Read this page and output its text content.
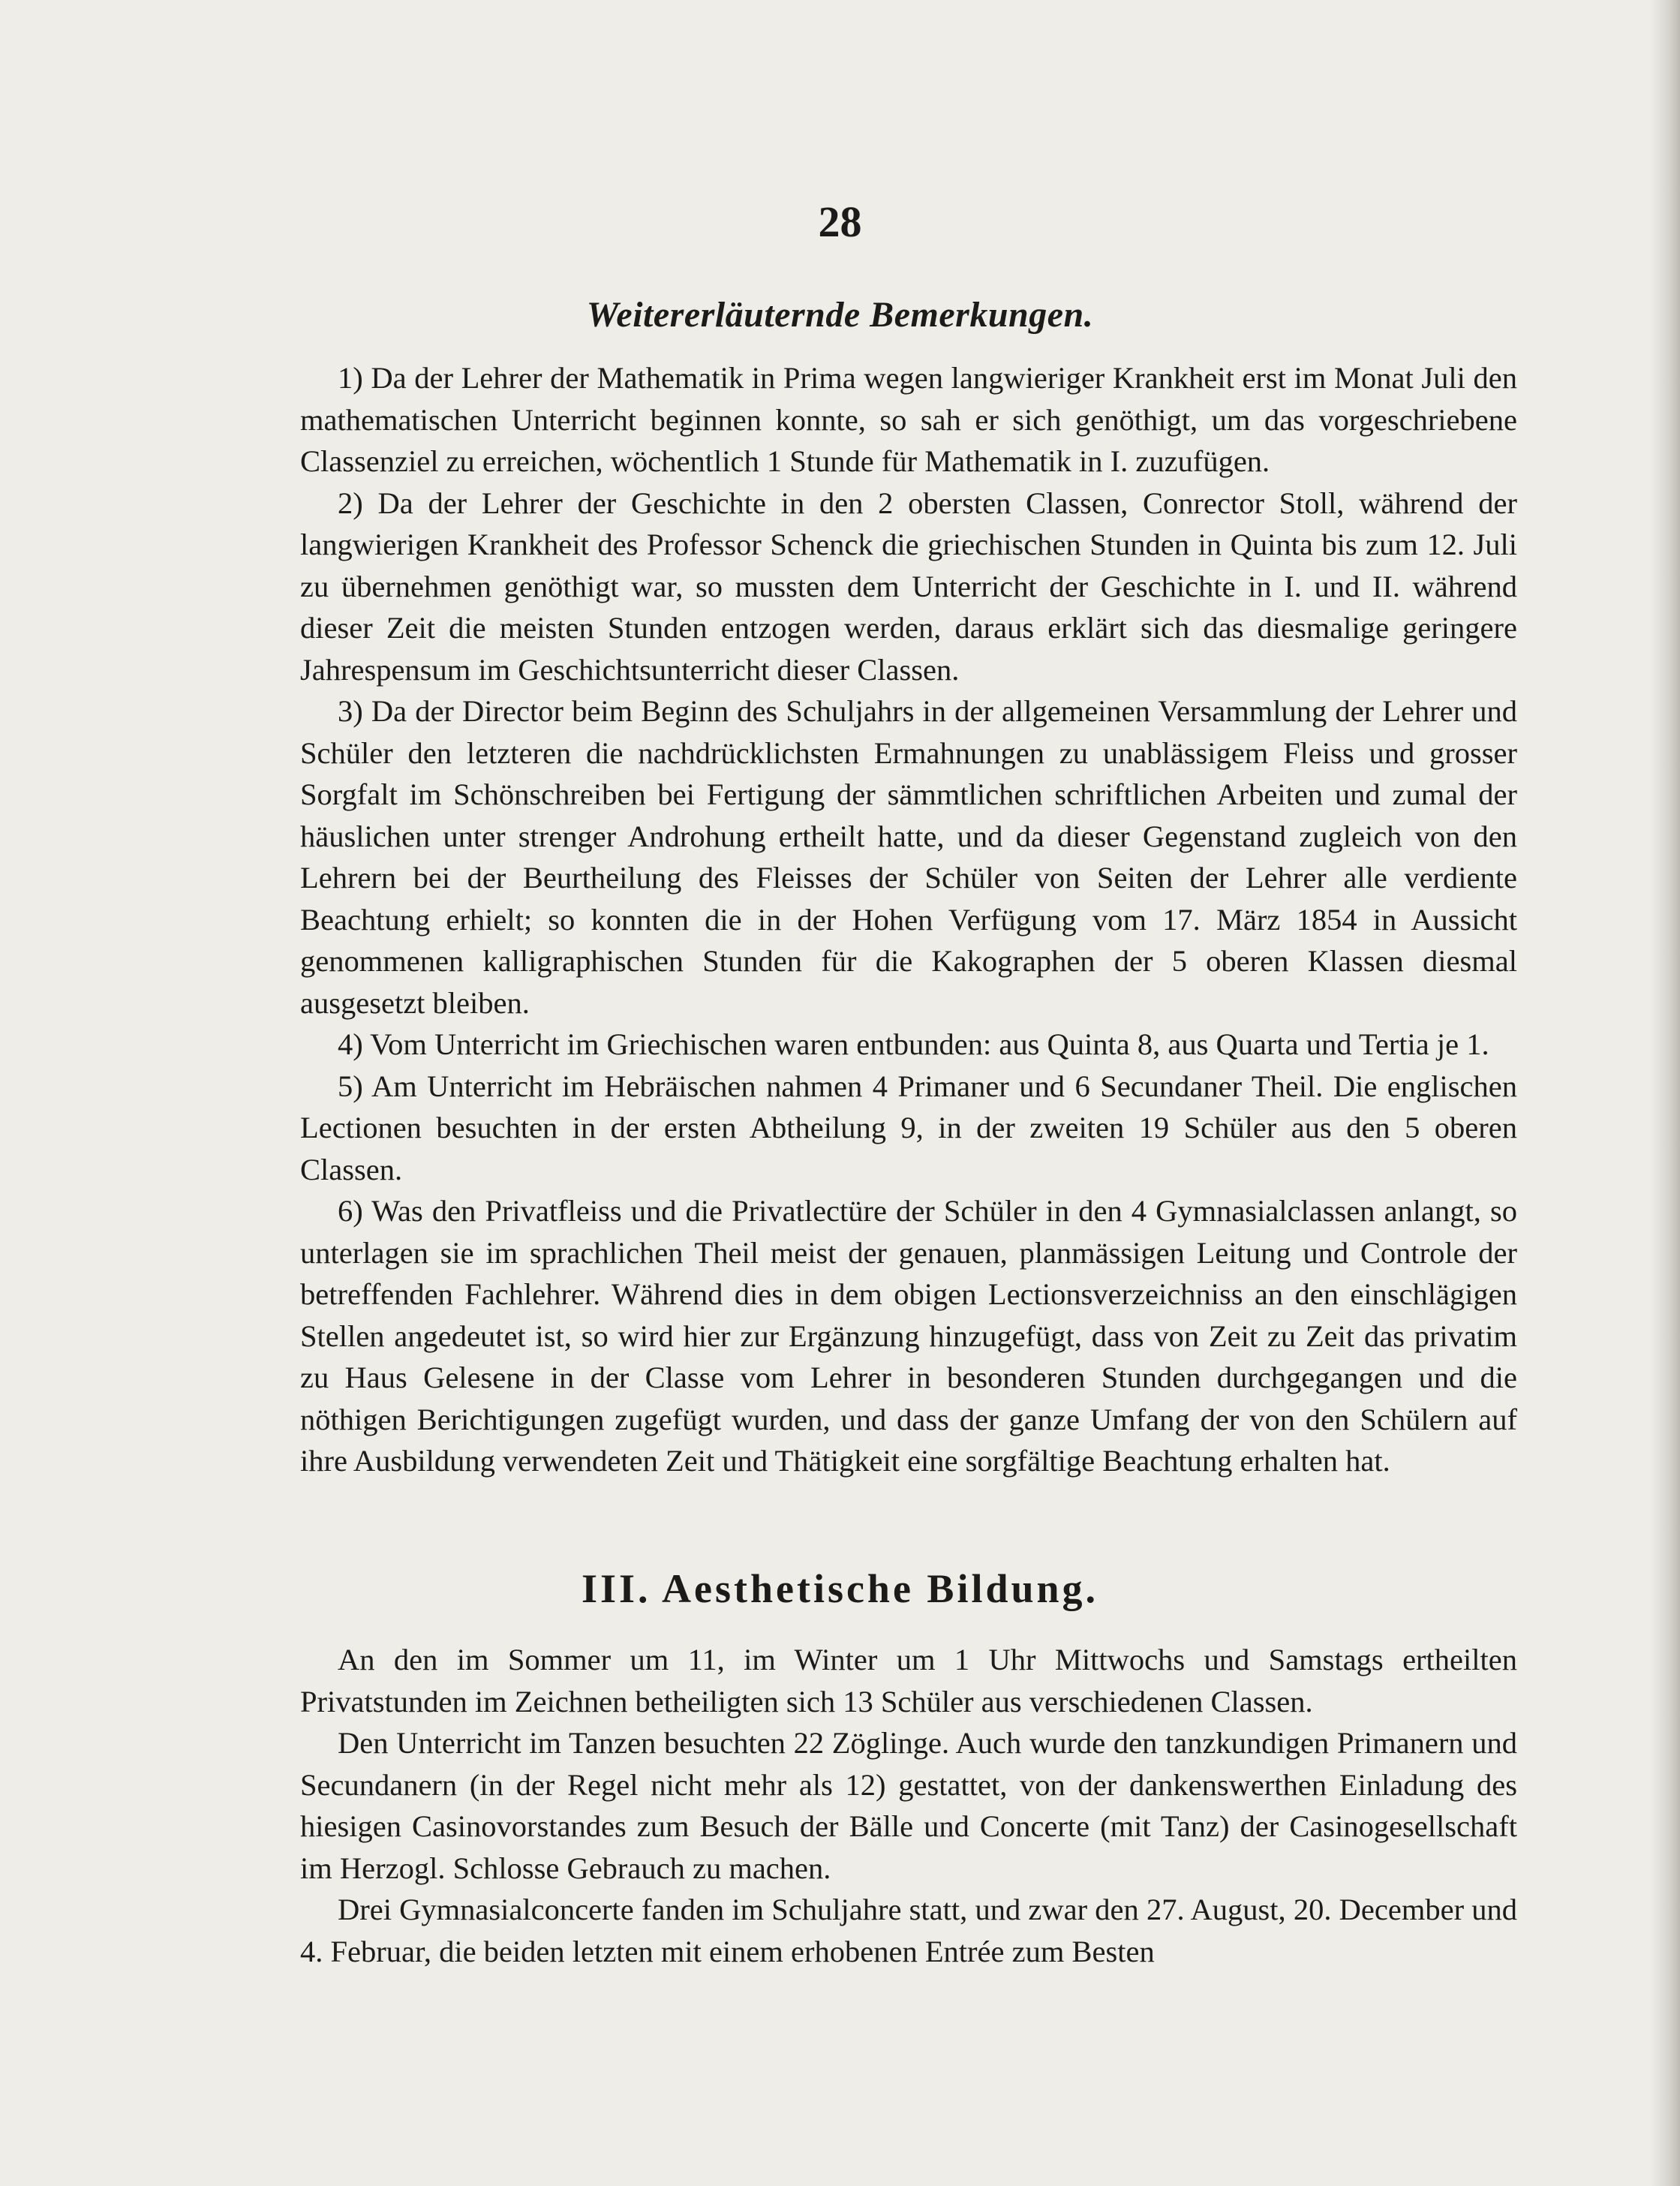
28
Weitererläuternde Bemerkungen.

1) Da der Lehrer der Mathematik in Prima wegen langwieriger Krankheit erst im Monat Juli den mathematischen Unterricht beginnen konnte, so sah er sich genöthigt, um das vorgeschriebene Classenziel zu erreichen, wöchentlich 1 Stunde für Mathematik in I. zuzufügen.

2) Da der Lehrer der Geschichte in den 2 obersten Classen, Conrector Stoll, während der langwierigen Krankheit des Professor Schenck die griechischen Stunden in Quinta bis zum 12. Juli zu übernehmen genöthigt war, so mussten dem Unterricht der Geschichte in I. und II. während dieser Zeit die meisten Stunden entzogen werden, daraus erklärt sich das diesmalige geringere Jahrespensum im Geschichtsunterricht dieser Classen.

3) Da der Director beim Beginn des Schuljahrs in der allgemeinen Versammlung der Lehrer und Schüler den letzteren die nachdrücklichsten Ermahnungen zu unablässigem Fleiss und grosser Sorgfalt im Schönschreiben bei Fertigung der sämmtlichen schriftlichen Arbeiten und zumal der häuslichen unter strenger Androhung ertheilt hatte, und da dieser Gegenstand zugleich von den Lehrern bei der Beurtheilung des Fleisses der Schüler von Seiten der Lehrer alle verdiente Beachtung erhielt; so konnten die in der Hohen Verfügung vom 17. März 1854 in Aussicht genommenen kalligraphischen Stunden für die Kakographen der 5 oberen Klassen diesmal ausgesetzt bleiben.

4) Vom Unterricht im Griechischen waren entbunden: aus Quinta 8, aus Quarta und Tertia je 1.

5) Am Unterricht im Hebräischen nahmen 4 Primaner und 6 Secundaner Theil. Die englischen Lectionen besuchten in der ersten Abtheilung 9, in der zweiten 19 Schüler aus den 5 oberen Classen.

6) Was den Privatfleiss und die Privatlectüre der Schüler in den 4 Gymnasialclassen anlangt, so unterlagen sie im sprachlichen Theil meist der genauen, planmässigen Leitung und Controle der betreffenden Fachlehrer. Während dies in dem obigen Lectionsverzeichniss an den einschlägigen Stellen angedeutet ist, so wird hier zur Ergänzung hinzugefügt, dass von Zeit zu Zeit das privatim zu Haus Gelesene in der Classe vom Lehrer in besonderen Stunden durchgegangen und die nöthigen Berichtigungen zugefügt wurden, und dass der ganze Umfang der von den Schülern auf ihre Ausbildung verwendeten Zeit und Thätigkeit eine sorgfältige Beachtung erhalten hat.

III. Aesthetische Bildung.

An den im Sommer um 11, im Winter um 1 Uhr Mittwochs und Samstags ertheilten Privatstunden im Zeichnen betheiligten sich 13 Schüler aus verschiedenen Classen.

Den Unterricht im Tanzen besuchten 22 Zöglinge. Auch wurde den tanzkundigen Primanern und Secundanern (in der Regel nicht mehr als 12) gestattet, von der dankenswerthen Einladung des hiesigen Casinovorstandes zum Besuch der Bälle und Concerte (mit Tanz) der Casinogesellschaft im Herzogl. Schlosse Gebrauch zu machen.

Drei Gymnasialconcerte fanden im Schuljahre statt, und zwar den 27. August, 20. December und 4. Februar, die beiden letzten mit einem erhobenen Entrée zum Besten
